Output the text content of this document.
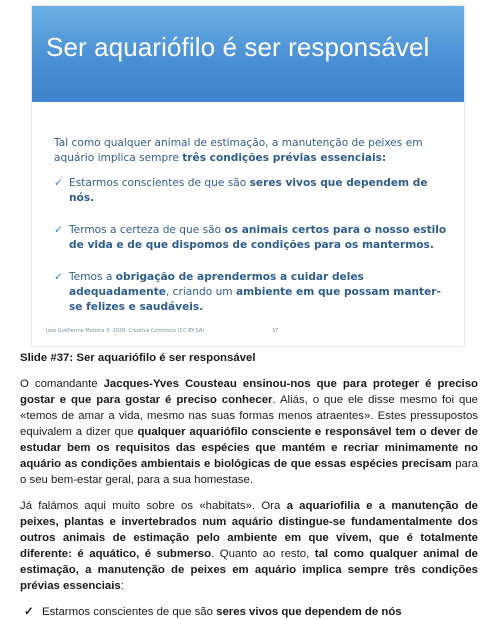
Ser aquariófilo é ser responsável

Tal como qualquer animal de estimação, a manutenção de peixes em aquário implica sempre três condições prévias essenciais:

✓ Estarmos conscientes de que são seres vivos que dependem de nós.

✓ Termos a certeza de que são os animais certos para o nosso estilo de vida e de que dispomos de condições para os mantermos.

✓ Temos a obrigação de aprendermos a cuidar deles adequadamente, criando um ambiente em que possam manter-se felizes e saudáveis.

José Guilherme Moreira © 2020. Creative Commons (CC BY-SA)	37

Slide #37: Ser aquariófilo é ser responsável

O comandante Jacques-Yves Cousteau ensinou-nos que para proteger é preciso gostar e que para gostar é preciso conhecer. Aliás, o que ele disse mesmo foi que «temos de amar a vida, mesmo nas suas formas menos atraentes». Estes pressupostos equivalem a dizer que qualquer aquariófilo consciente e responsável tem o dever de estudar bem os requisitos das espécies que mantém e recriar minimamente no aquário as condições ambientais e biológicas de que essas espécies precisam para o seu bem-estar geral, para a sua homestase.

Já falámos aqui muito sobre os «habitats». Ora a aquariofilia e a manutenção de peixes, plantas e invertebrados num aquário distingue-se fundamentalmente dos outros animais de estimação pelo ambiente em que vivem, que é totalmente diferente: é aquático, é submerso. Quanto ao resto, tal como qualquer animal de estimação, a manutenção de peixes em aquário implica sempre três condições prévias essenciais:

✓ Estarmos conscientes de que são seres vivos que dependem de nós
